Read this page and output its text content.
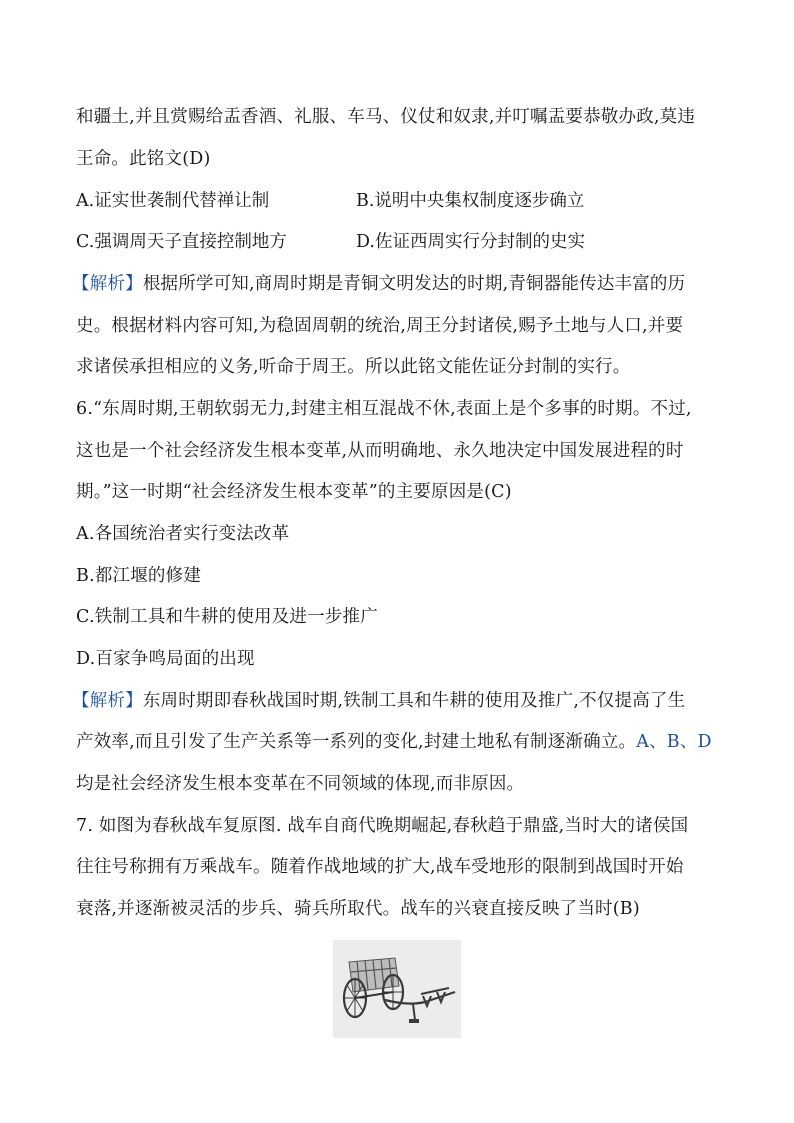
和疆土,并且赏赐给盂香酒、礼服、车马、仪仗和奴隶,并叮嘱盂要恭敬办政,莫违
王命。此铭文(D)
A.证实世袭制代替禅让制	B.说明中央集权制度逐步确立
C.强调周天子直接控制地方	D.佐证西周实行分封制的史实
【解析】根据所学可知,商周时期是青铜文明发达的时期,青铜器能传达丰富的历
史。根据材料内容可知,为稳固周朝的统治,周王分封诸侯,赐予土地与人口,并要
求诸侯承担相应的义务,听命于周王。所以此铭文能佐证分封制的实行。
6.“东周时期,王朝软弱无力,封建主相互混战不休,表面上是个多事的时期。不过,
这也是一个社会经济发生根本变革,从而明确地、永久地决定中国发展进程的时
期。”这一时期“社会经济发生根本变革”的主要原因是(C)
A.各国统治者实行变法改革
B.都江堰的修建
C.铁制工具和牛耕的使用及进一步推广
D.百家争鸣局面的出现
【解析】东周时期即春秋战国时期,铁制工具和牛耕的使用及推广,不仅提高了生
产效率,而且引发了生产关系等一系列的变化,封建土地私有制逐渐确立。A、B、D
均是社会经济发生根本变革在不同领域的体现,而非原因。
7. 如图为春秋战车复原图. 战车自商代晚期崛起,春秋趋于鼎盛,当时大的诸侯国
往往号称拥有万乘战车。随着作战地域的扩大,战车受地形的限制到战国时开始
衰落,并逐渐被灵活的步兵、骑兵所取代。战车的兴衰直接反映了当时(B)
